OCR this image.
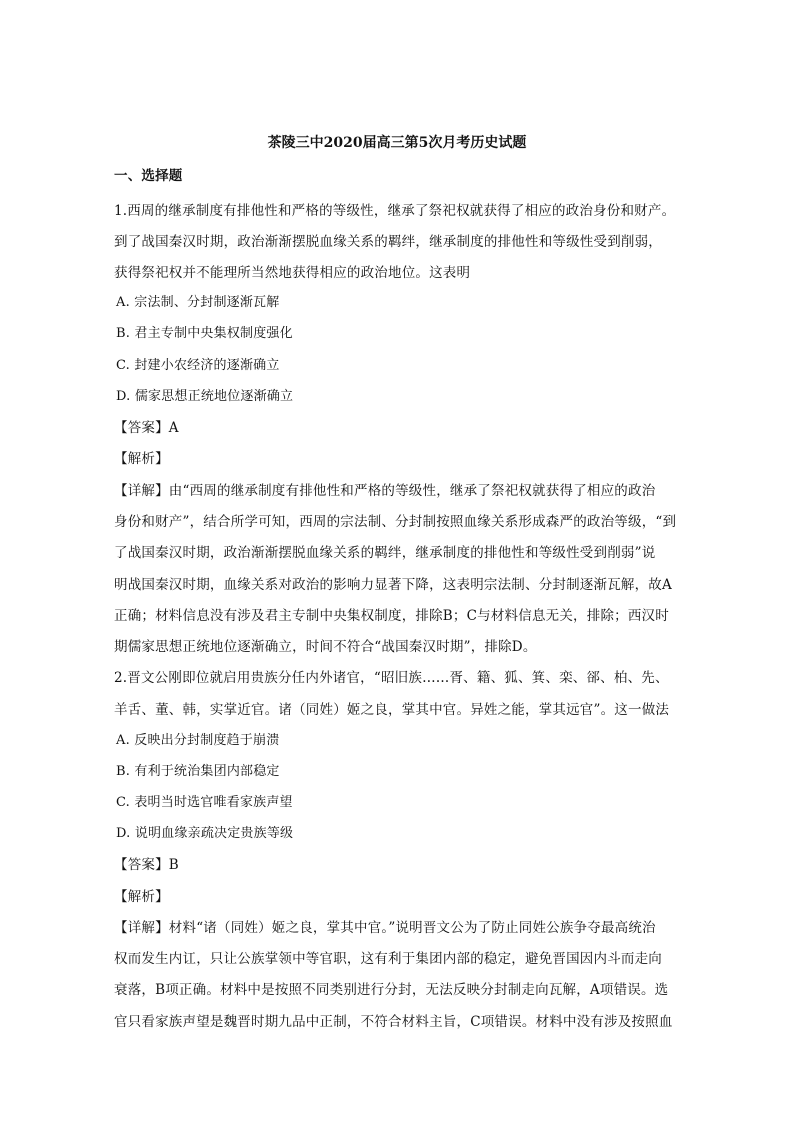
茶陵三中2020届高三第5次月考历史试题
一、选择题
1.西周的继承制度有排他性和严格的等级性，继承了祭祀权就获得了相应的政治身份和财产。
到了战国秦汉时期，政治渐渐摆脱血缘关系的羁绊，继承制度的排他性和等级性受到削弱，
获得祭祀权并不能理所当然地获得相应的政治地位。这表明
A. 宗法制、分封制逐渐瓦解
B. 君主专制中央集权制度强化
C. 封建小农经济的逐渐确立
D. 儒家思想正统地位逐渐确立
【答案】A
【解析】
【详解】由“西周的继承制度有排他性和严格的等级性，继承了祭祀权就获得了相应的政治
身份和财产”，结合所学可知，西周的宗法制、分封制按照血缘关系形成森严的政治等级，“到
了战国秦汉时期，政治渐渐摆脱血缘关系的羁绊，继承制度的排他性和等级性受到削弱”说
明战国秦汉时期，血缘关系对政治的影响力显著下降，这表明宗法制、分封制逐渐瓦解，故A
正确；材料信息没有涉及君主专制中央集权制度，排除B；C与材料信息无关，排除；西汉时
期儒家思想正统地位逐渐确立，时间不符合“战国秦汉时期”，排除D。
2.晋文公刚即位就启用贵族分任内外诸官，“昭旧族……胥、籍、狐、箕、栾、郤、柏、先、
羊舌、董、韩，实掌近官。诸（同姓）姬之良，掌其中官。异姓之能，掌其远官”。这一做法
A. 反映出分封制度趋于崩溃
B. 有利于统治集团内部稳定
C. 表明当时选官唯看家族声望
D. 说明血缘亲疏决定贵族等级
【答案】B
【解析】
【详解】材料“诸（同姓）姬之良，掌其中官。”说明晋文公为了防止同姓公族争夺最高统治
权而发生内讧，只让公族掌领中等官职，这有利于集团内部的稳定，避免晋国因内斗而走向
衰落，B项正确。材料中是按照不同类别进行分封，无法反映分封制走向瓦解，A项错误。选
官只看家族声望是魏晋时期九品中正制，不符合材料主旨，C项错误。材料中没有涉及按照血
